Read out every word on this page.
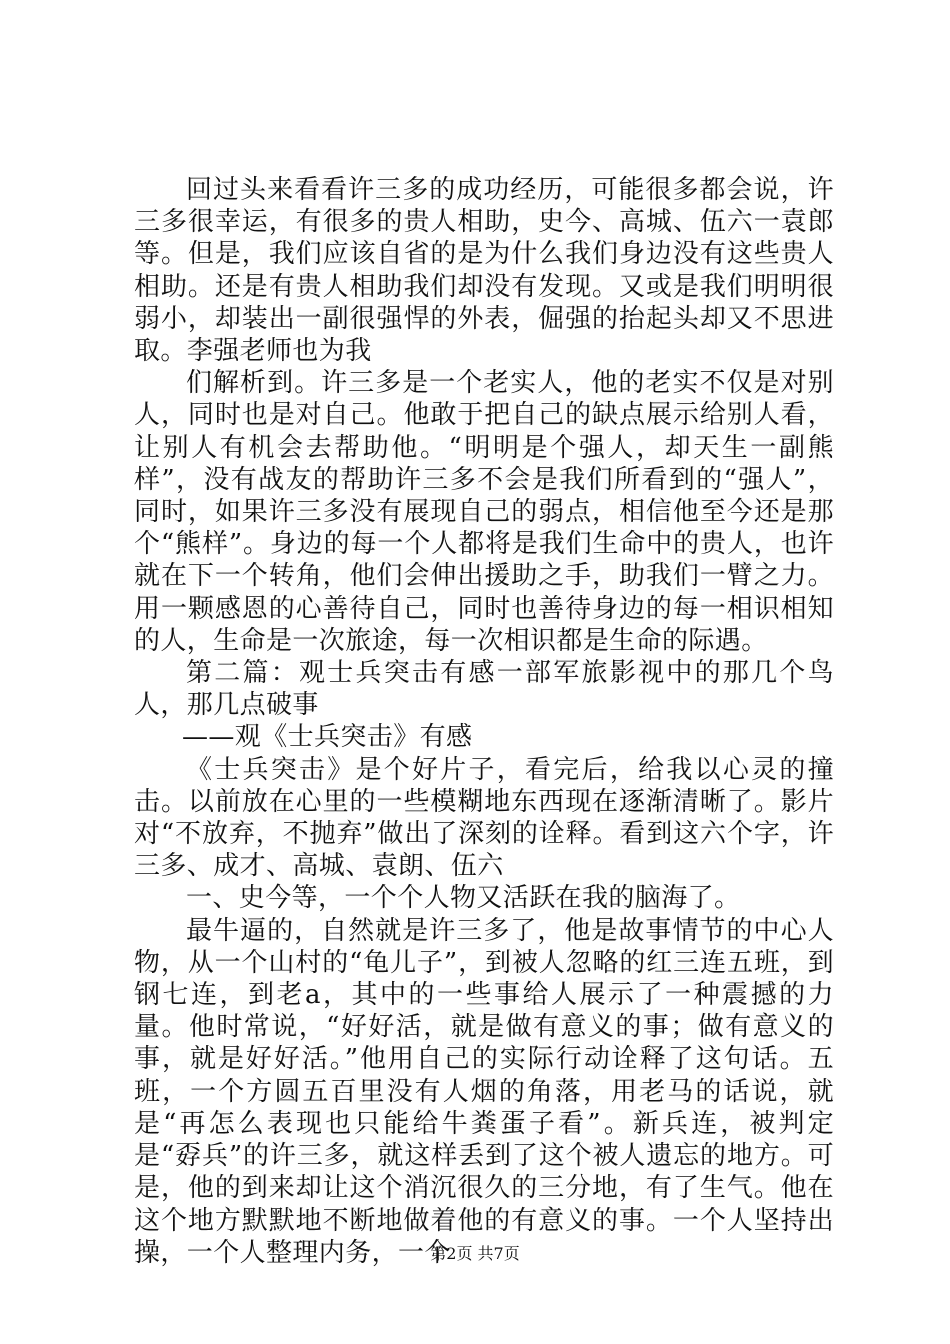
回过头来看看许三多的成功经历，可能很多都会说，许三多很幸运，有很多的贵人相助，史今、高城、伍六一袁郎等。但是，我们应该自省的是为什么我们身边没有这些贵人相助。还是有贵人相助我们却没有发现。又或是我们明明很弱小，却装出一副很强悍的外表，倔强的抬起头却又不思进取。李强老师也为我

们解析到。许三多是一个老实人，他的老实不仅是对别人，同时也是对自己。他敢于把自己的缺点展示给别人看，让别人有机会去帮助他。“明明是个强人，却天生一副熊样”，没有战友的帮助许三多不会是我们所看到的“强人”，同时，如果许三多没有展现自己的弱点，相信他至今还是那个“熊样”。身边的每一个人都将是我们生命中的贵人，也许就在下一个转角，他们会伸出援助之手，助我们一臂之力。用一颗感恩的心善待自己，同时也善待身边的每一相识相知的人，生命是一次旅途，每一次相识都是生命的际遇。

第二篇：观士兵突击有感一部军旅影视中的那几个鸟人，那几点破事

——观《士兵突击》有感

《士兵突击》是个好片子，看完后，给我以心灵的撞击。以前放在心里的一些模糊地东西现在逐渐清晰了。影片对“不放弃，不抛弃”做出了深刻的诠释。看到这六个字，许三多、成才、高城、袁朗、伍六

一、史今等，一个个人物又活跃在我的脑海了。

最牛逼的，自然就是许三多了，他是故事情节的中心人物，从一个山村的“龟儿子”，到被人忽略的红三连五班，到钢七连，到老a，其中的一些事给人展示了一种震撼的力量。他时常说，“好好活，就是做有意义的事；做有意义的事，就是好好活。”他用自己的实际行动诠释了这句话。五班，一个方圆五百里没有人烟的角落，用老马的话说，就是“再怎么表现也只能给牛粪蛋子看”。新兵连，被判定是“孬兵”的许三多，就这样丢到了这个被人遗忘的地方。可是，他的到来却让这个消沉很久的三分地，有了生气。他在这个地方默默地不断地做着他的有意义的事。一个人坚持出操，一个人整理内务，一个

第2页 共7页
